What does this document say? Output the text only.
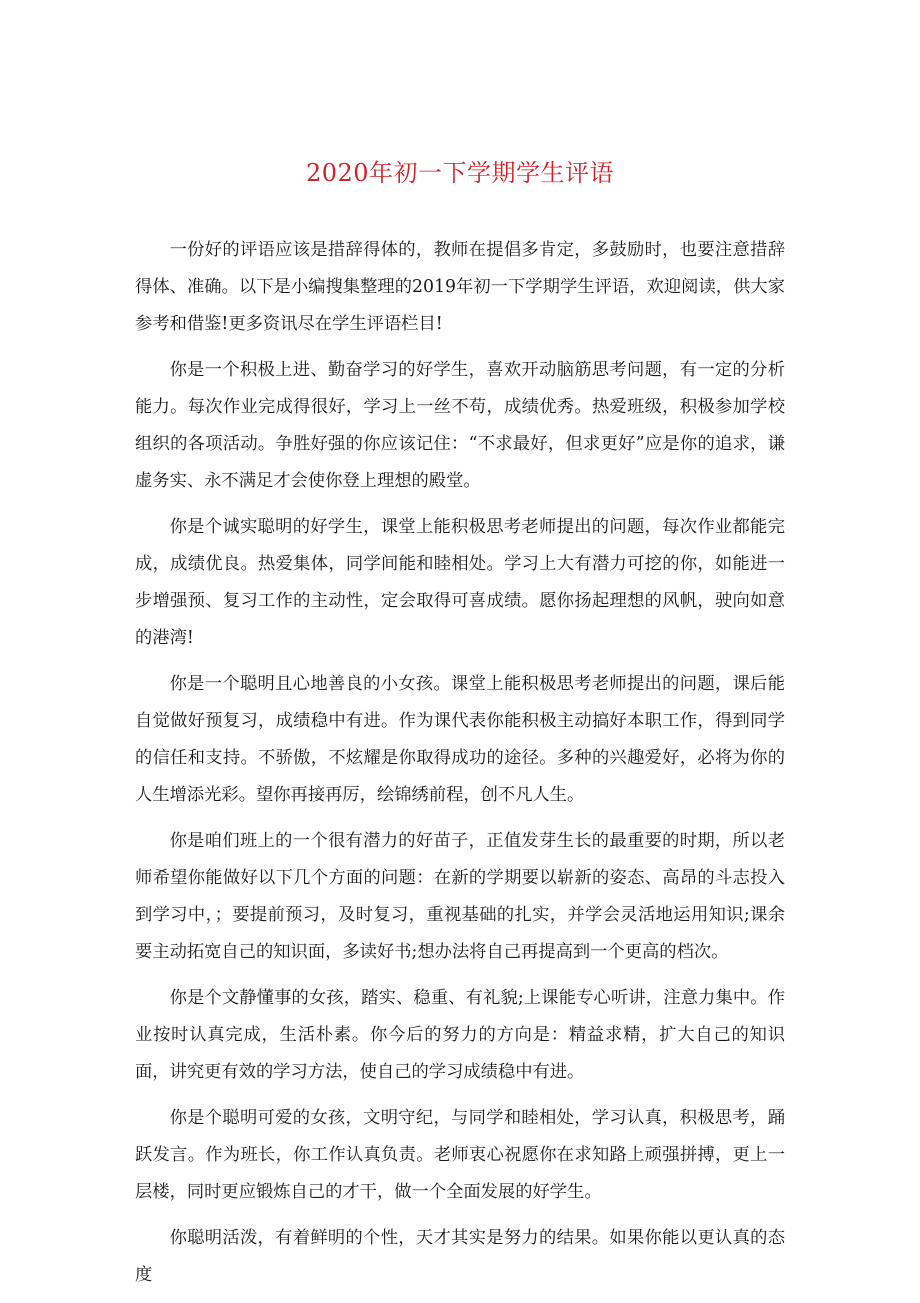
2020年初一下学期学生评语

一份好的评语应该是措辞得体的，教师在提倡多肯定，多鼓励时，也要注意措辞得体、准确。以下是小编搜集整理的2019年初一下学期学生评语，欢迎阅读，供大家参考和借鉴!更多资讯尽在学生评语栏目!

你是一个积极上进、勤奋学习的好学生，喜欢开动脑筋思考问题，有一定的分析能力。每次作业完成得很好，学习上一丝不苟，成绩优秀。热爱班级，积极参加学校组织的各项活动。争胜好强的你应该记住：“不求最好，但求更好”应是你的追求，谦虚务实、永不满足才会使你登上理想的殿堂。

你是个诚实聪明的好学生，课堂上能积极思考老师提出的问题，每次作业都能完成，成绩优良。热爱集体，同学间能和睦相处。学习上大有潜力可挖的你，如能进一步增强预、复习工作的主动性，定会取得可喜成绩。愿你扬起理想的风帆，驶向如意的港湾!

你是一个聪明且心地善良的小女孩。课堂上能积极思考老师提出的问题，课后能自觉做好预复习，成绩稳中有进。作为课代表你能积极主动搞好本职工作，得到同学的信任和支持。不骄傲，不炫耀是你取得成功的途径。多种的兴趣爱好，必将为你的人生增添光彩。望你再接再厉，绘锦绣前程，创不凡人生。

你是咱们班上的一个很有潜力的好苗子，正值发芽生长的最重要的时期，所以老师希望你能做好以下几个方面的问题：在新的学期要以崭新的姿态、高昂的斗志投入到学习中，；要提前预习，及时复习，重视基础的扎实，并学会灵活地运用知识;课余要主动拓宽自己的知识面，多读好书;想办法将自己再提高到一个更高的档次。

你是个文静懂事的女孩，踏实、稳重、有礼貌;上课能专心听讲，注意力集中。作业按时认真完成，生活朴素。你今后的努力的方向是：精益求精，扩大自己的知识面，讲究更有效的学习方法，使自己的学习成绩稳中有进。

你是个聪明可爱的女孩，文明守纪，与同学和睦相处，学习认真，积极思考，踊跃发言。作为班长，你工作认真负责。老师衷心祝愿你在求知路上顽强拼搏，更上一层楼，同时更应锻炼自己的才干，做一个全面发展的好学生。

你聪明活泼，有着鲜明的个性，天才其实是努力的结果。如果你能以更认真的态度
